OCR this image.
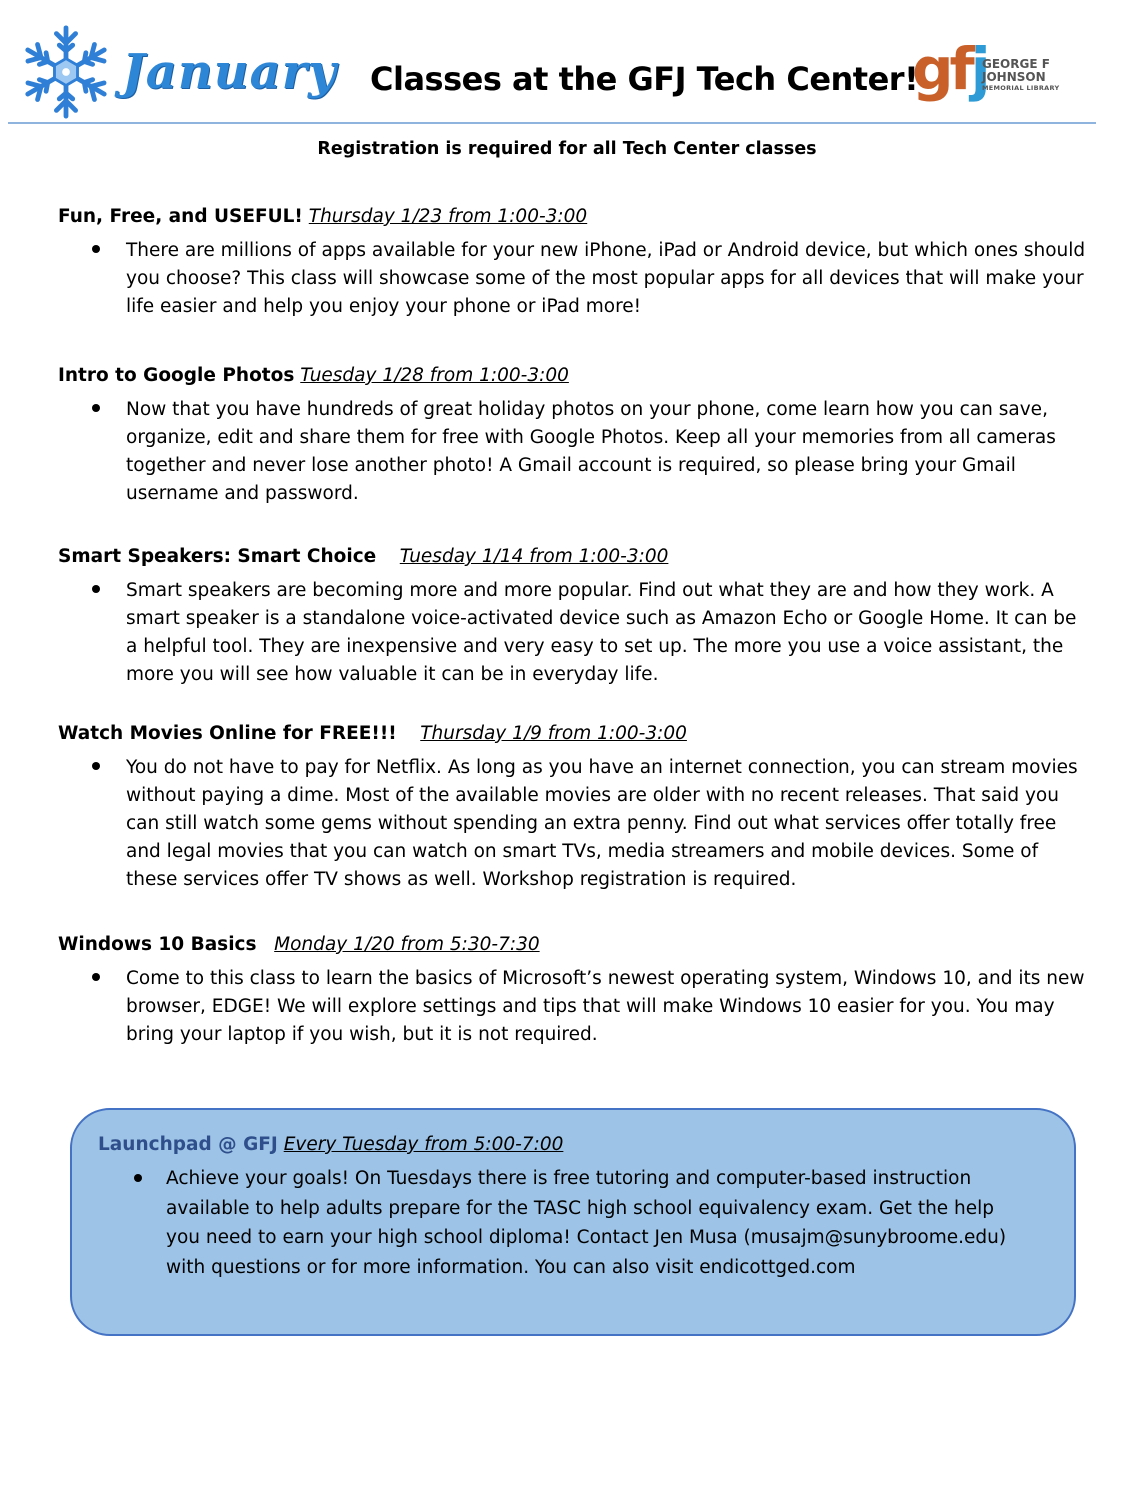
January Classes at the GFJ Tech Center!
gfj
GEORGE F
JOHNSON
MEMORIAL LIBRARY
Registration is required for all Tech Center classes
Fun, Free, and USEFUL! Thursday 1/23 from 1:00-3:00
There are millions of apps available for your new iPhone, iPad or Android device, but which ones should you choose? This class will showcase some of the most popular apps for all devices that will make your life easier and help you enjoy your phone or iPad more!
Intro to Google Photos Tuesday 1/28 from 1:00-3:00
Now that you have hundreds of great holiday photos on your phone, come learn how you can save, organize, edit and share them for free with Google Photos. Keep all your memories from all cameras together and never lose another photo! A Gmail account is required, so please bring your Gmail username and password.
Smart Speakers: Smart Choice Tuesday 1/14 from 1:00-3:00
Smart speakers are becoming more and more popular. Find out what they are and how they work. A smart speaker is a standalone voice-activated device such as Amazon Echo or Google Home. It can be a helpful tool. They are inexpensive and very easy to set up. The more you use a voice assistant, the more you will see how valuable it can be in everyday life.
Watch Movies Online for FREE!!! Thursday 1/9 from 1:00-3:00
You do not have to pay for Netflix. As long as you have an internet connection, you can stream movies without paying a dime. Most of the available movies are older with no recent releases. That said you can still watch some gems without spending an extra penny. Find out what services offer totally free and legal movies that you can watch on smart TVs, media streamers and mobile devices. Some of these services offer TV shows as well. Workshop registration is required.
Windows 10 Basics Monday 1/20 from 5:30-7:30
Come to this class to learn the basics of Microsoft’s newest operating system, Windows 10, and its new browser, EDGE! We will explore settings and tips that will make Windows 10 easier for you. You may bring your laptop if you wish, but it is not required.
Launchpad @ GFJ Every Tuesday from 5:00-7:00
Achieve your goals! On Tuesdays there is free tutoring and computer-based instruction available to help adults prepare for the TASC high school equivalency exam. Get the help you need to earn your high school diploma! Contact Jen Musa (musajm@sunybroome.edu) with questions or for more information. You can also visit endicottged.com
